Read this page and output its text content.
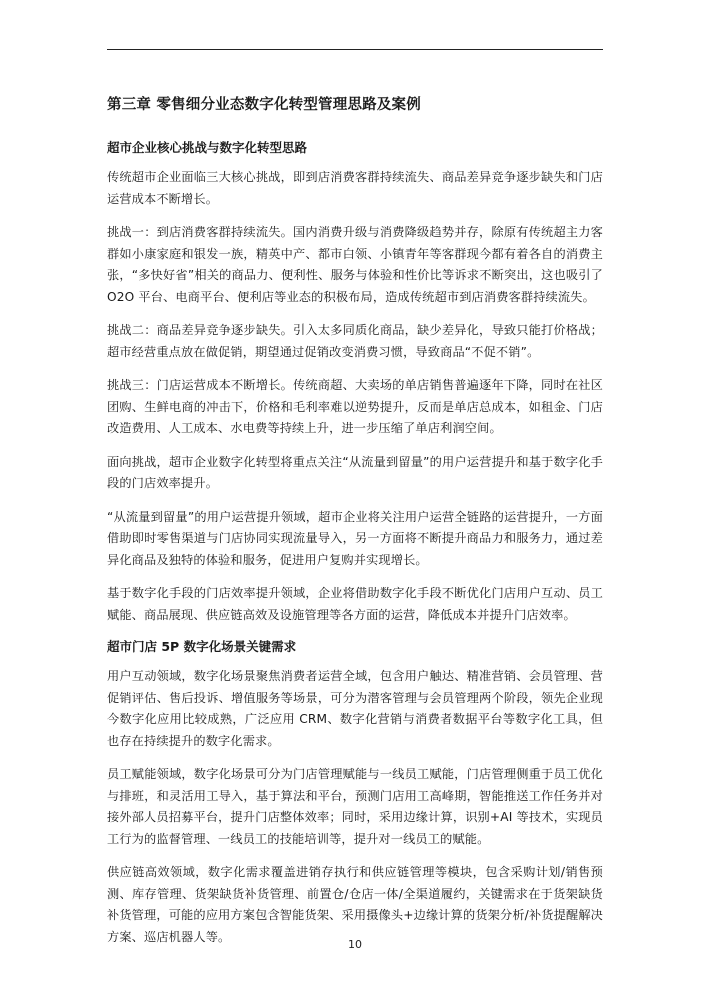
第三章 零售细分业态数字化转型管理思路及案例
超市企业核心挑战与数字化转型思路

传统超市企业面临三大核心挑战，即到店消费客群持续流失、商品差异竞争逐步缺失和门店运营成本不断增长。

挑战一：到店消费客群持续流失。国内消费升级与消费降级趋势并存，除原有传统超主力客群如小康家庭和银发一族，精英中产、都市白领、小镇青年等客群现今都有着各自的消费主张，“多快好省”相关的商品力、便利性、服务与体验和性价比等诉求不断突出，这也吸引了O2O 平台、电商平台、便利店等业态的积极布局，造成传统超市到店消费客群持续流失。

挑战二：商品差异竞争逐步缺失。引入太多同质化商品，缺少差异化，导致只能打价格战；超市经营重点放在做促销，期望通过促销改变消费习惯，导致商品“不促不销”。

挑战三：门店运营成本不断增长。传统商超、大卖场的单店销售普遍逐年下降，同时在社区团购、生鲜电商的冲击下，价格和毛利率难以逆势提升，反而是单店总成本，如租金、门店改造费用、人工成本、水电费等持续上升，进一步压缩了单店利润空间。

面向挑战，超市企业数字化转型将重点关注“从流量到留量”的用户运营提升和基于数字化手段的门店效率提升。

“从流量到留量”的用户运营提升领域，超市企业将关注用户运营全链路的运营提升，一方面借助即时零售渠道与门店协同实现流量导入，另一方面将不断提升商品力和服务力，通过差异化商品及独特的体验和服务，促进用户复购并实现增长。

基于数字化手段的门店效率提升领域，企业将借助数字化手段不断优化门店用户互动、员工赋能、商品展现、供应链高效及设施管理等各方面的运营，降低成本并提升门店效率。

超市门店 5P 数字化场景关键需求

用户互动领域，数字化场景聚焦消费者运营全域，包含用户触达、精准营销、会员管理、营促销评估、售后投诉、增值服务等场景，可分为潜客管理与会员管理两个阶段，领先企业现今数字化应用比较成熟，广泛应用 CRM、数字化营销与消费者数据平台等数字化工具，但也存在持续提升的数字化需求。

员工赋能领域，数字化场景可分为门店管理赋能与一线员工赋能，门店管理侧重于员工优化与排班，和灵活用工导入，基于算法和平台，预测门店用工高峰期，智能推送工作任务并对接外部人员招募平台，提升门店整体效率；同时，采用边缘计算，识别+AI 等技术，实现员工行为的监督管理、一线员工的技能培训等，提升对一线员工的赋能。

供应链高效领域，数字化需求覆盖进销存执行和供应链管理等模块，包含采购计划/销售预测、库存管理、货架缺货补货管理、前置仓/仓店一体/全渠道履约，关键需求在于货架缺货补货管理，可能的应用方案包含智能货架、采用摄像头+边缘计算的货架分析/补货提醒解决方案、巡店机器人等。

10
